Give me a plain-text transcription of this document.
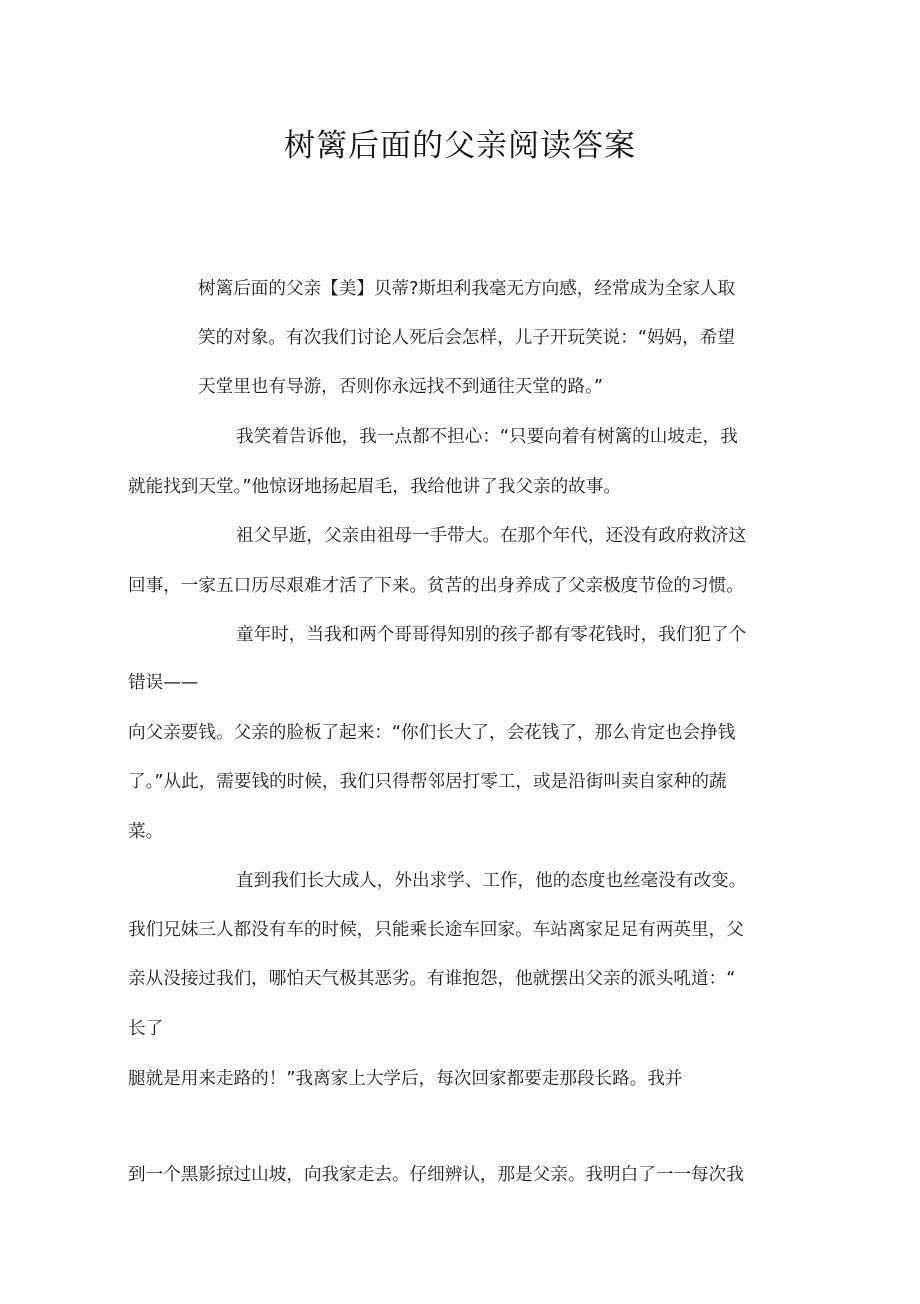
树篱后面的父亲阅读答案
树篱后面的父亲【美】贝蒂?斯坦利我毫无方向感，经常成为全家人取
笑的对象。有次我们讨论人死后会怎样，儿子开玩笑说：“妈妈，希望
天堂里也有导游，否则你永远找不到通往天堂的路。”
我笑着告诉他，我一点都不担心：“只要向着有树篱的山坡走，我
就能找到天堂。”他惊讶地扬起眉毛，我给他讲了我父亲的故事。
祖父早逝，父亲由祖母一手带大。在那个年代，还没有政府救济这
回事，一家五口历尽艰难才活了下来。贫苦的出身养成了父亲极度节俭的习惯。
童年时，当我和两个哥哥得知别的孩子都有零花钱时，我们犯了个
错误——
向父亲要钱。父亲的脸板了起来：“你们长大了，会花钱了，那么肯定也会挣钱
了。”从此，需要钱的时候，我们只得帮邻居打零工，或是沿街叫卖自家种的蔬
菜。
直到我们长大成人，外出求学、工作，他的态度也丝毫没有改变。
我们兄妹三人都没有车的时候，只能乘长途车回家。车站离家足足有两英里，父
亲从没接过我们，哪怕天气极其恶劣。有谁抱怨，他就摆出父亲的派头吼道：“
长了
腿就是用来走路的！”我离家上大学后，每次回家都要走那段长路。我并
到一个黑影掠过山坡，向我家走去。仔细辨认，那是父亲。我明白了一一每次我
